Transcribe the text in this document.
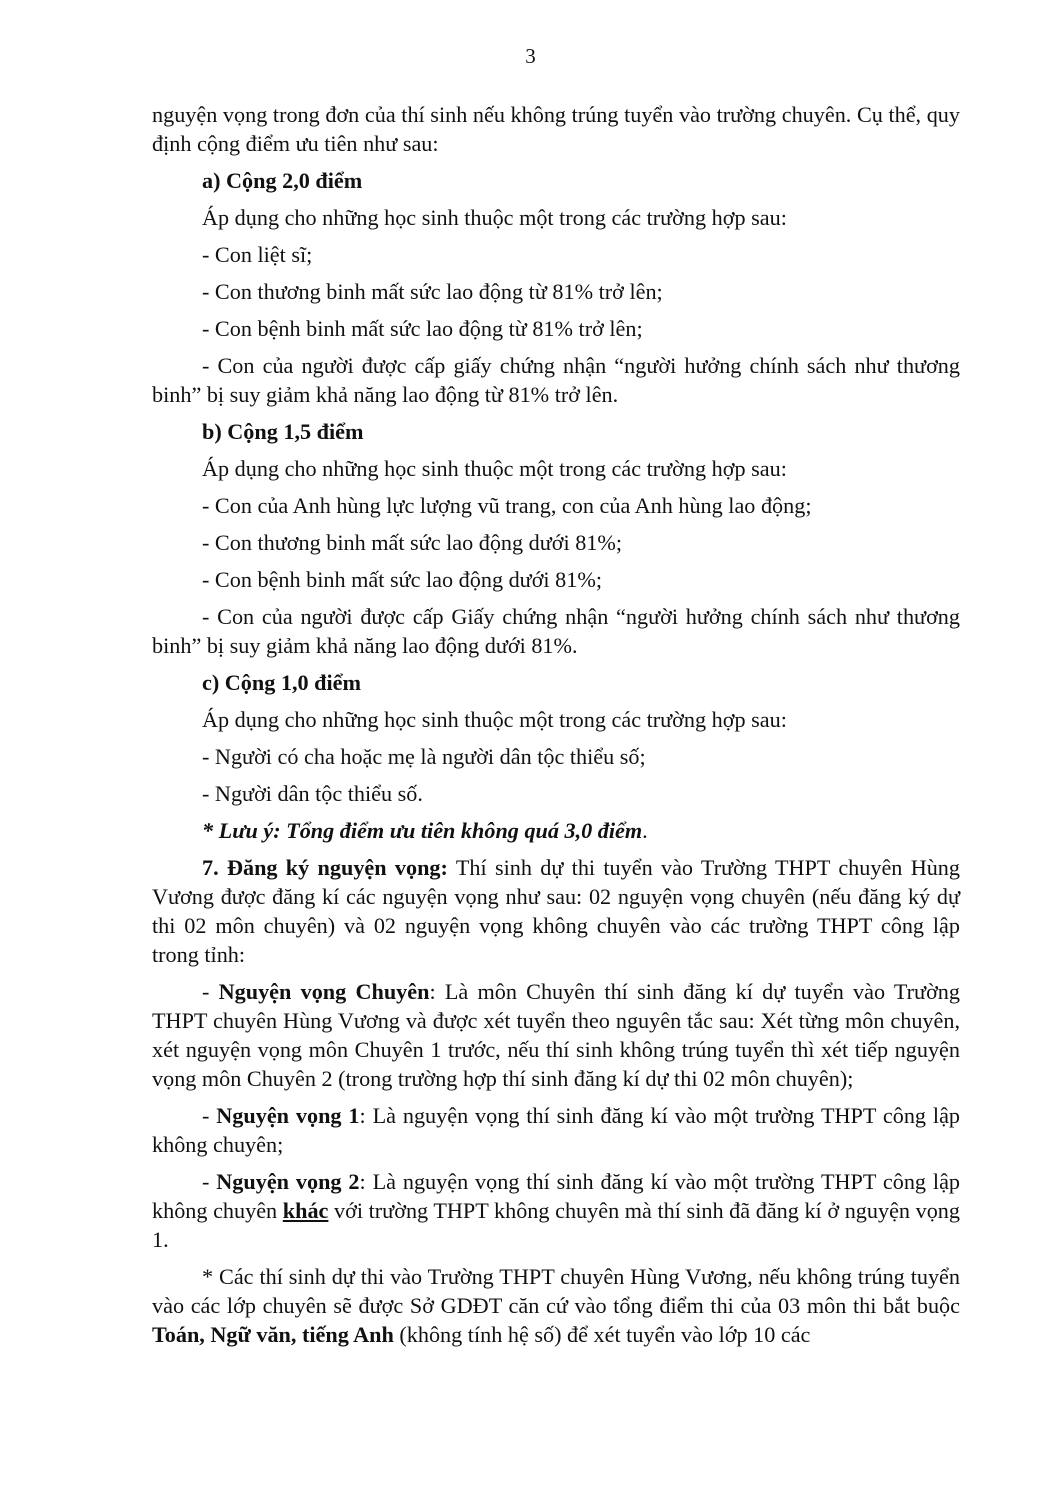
3

nguyện vọng trong đơn của thí sinh nếu không trúng tuyển vào trường chuyên. Cụ thể, quy định cộng điểm ưu tiên như sau:

a) Cộng 2,0 điểm

Áp dụng cho những học sinh thuộc một trong các trường hợp sau:

- Con liệt sĩ;

- Con thương binh mất sức lao động từ 81% trở lên;

- Con bệnh binh mất sức lao động từ 81% trở lên;

- Con của người được cấp giấy chứng nhận “người hưởng chính sách như thương binh” bị suy giảm khả năng lao động từ 81% trở lên.

b) Cộng 1,5 điểm

Áp dụng cho những học sinh thuộc một trong các trường hợp sau:

- Con của Anh hùng lực lượng vũ trang, con của Anh hùng lao động;

- Con thương binh mất sức lao động dưới 81%;

- Con bệnh binh mất sức lao động dưới 81%;

- Con của người được cấp Giấy chứng nhận “người hưởng chính sách như thương binh” bị suy giảm khả năng lao động dưới 81%.

c) Cộng 1,0 điểm

Áp dụng cho những học sinh thuộc một trong các trường hợp sau:

- Người có cha hoặc mẹ là người dân tộc thiểu số;

- Người dân tộc thiểu số.

* Lưu ý: Tổng điểm ưu tiên không quá 3,0 điểm.

7. Đăng ký nguyện vọng: Thí sinh dự thi tuyển vào Trường THPT chuyên Hùng Vương được đăng kí các nguyện vọng như sau: 02 nguyện vọng chuyên (nếu đăng ký dự thi 02 môn chuyên) và 02 nguyện vọng không chuyên vào các trường THPT công lập trong tỉnh:

- Nguyện vọng Chuyên: Là môn Chuyên thí sinh đăng kí dự tuyển vào Trường THPT chuyên Hùng Vương và được xét tuyển theo nguyên tắc sau: Xét từng môn chuyên, xét nguyện vọng môn Chuyên 1 trước, nếu thí sinh không trúng tuyển thì xét tiếp nguyện vọng môn Chuyên 2 (trong trường hợp thí sinh đăng kí dự thi 02 môn chuyên);

- Nguyện vọng 1: Là nguyện vọng thí sinh đăng kí vào một trường THPT công lập không chuyên;

- Nguyện vọng 2: Là nguyện vọng thí sinh đăng kí vào một trường THPT công lập không chuyên khác với trường THPT không chuyên mà thí sinh đã đăng kí ở nguyện vọng 1.

* Các thí sinh dự thi vào Trường THPT chuyên Hùng Vương, nếu không trúng tuyển vào các lớp chuyên sẽ được Sở GDĐT căn cứ vào tổng điểm thi của 03 môn thi bắt buộc Toán, Ngữ văn, tiếng Anh (không tính hệ số) để xét tuyển vào lớp 10 các
